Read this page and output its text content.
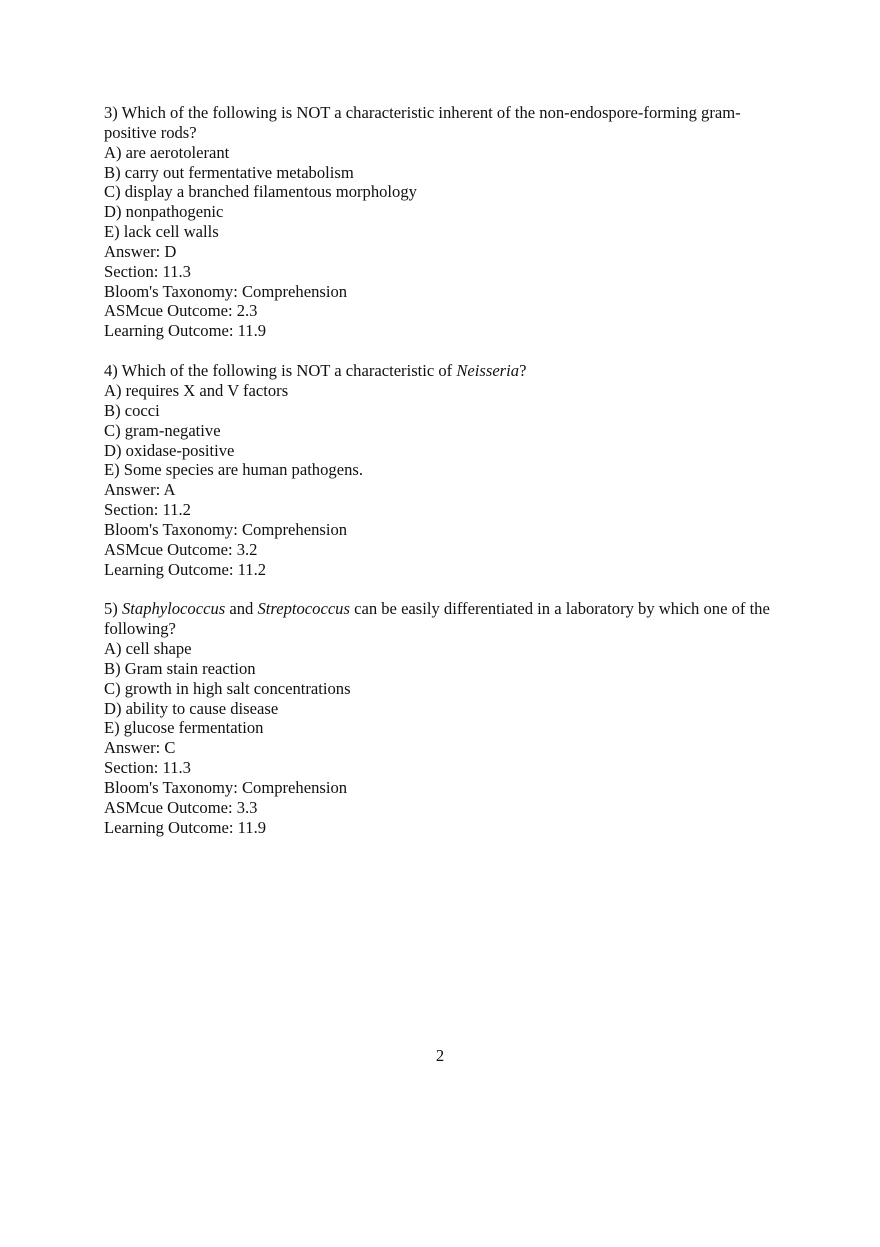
3) Which of the following is NOT a characteristic inherent of the non-endospore-forming gram-positive rods?
A) are aerotolerant
B) carry out fermentative metabolism
C) display a branched filamentous morphology
D) nonpathogenic
E) lack cell walls
Answer: D
Section: 11.3
Bloom's Taxonomy: Comprehension
ASMcue Outcome: 2.3
Learning Outcome: 11.9
4) Which of the following is NOT a characteristic of Neisseria?
A) requires X and V factors
B) cocci
C) gram-negative
D) oxidase-positive
E) Some species are human pathogens.
Answer: A
Section: 11.2
Bloom's Taxonomy: Comprehension
ASMcue Outcome: 3.2
Learning Outcome: 11.2
5) Staphylococcus and Streptococcus can be easily differentiated in a laboratory by which one of the following?
A) cell shape
B) Gram stain reaction
C) growth in high salt concentrations
D) ability to cause disease
E) glucose fermentation
Answer: C
Section: 11.3
Bloom's Taxonomy: Comprehension
ASMcue Outcome: 3.3
Learning Outcome: 11.9
2
